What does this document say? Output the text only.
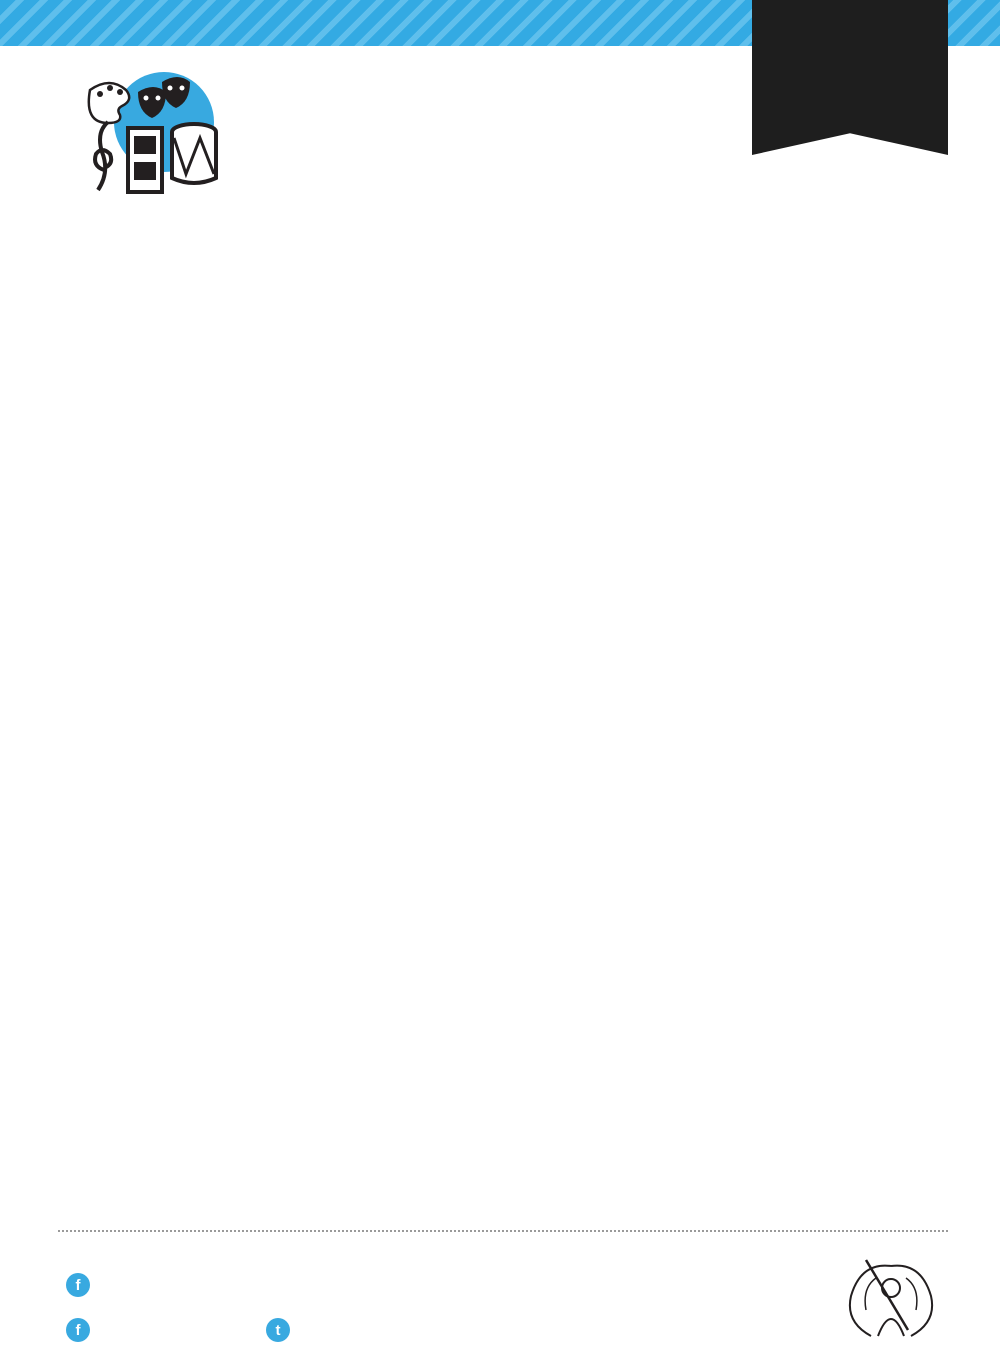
f
f	t
